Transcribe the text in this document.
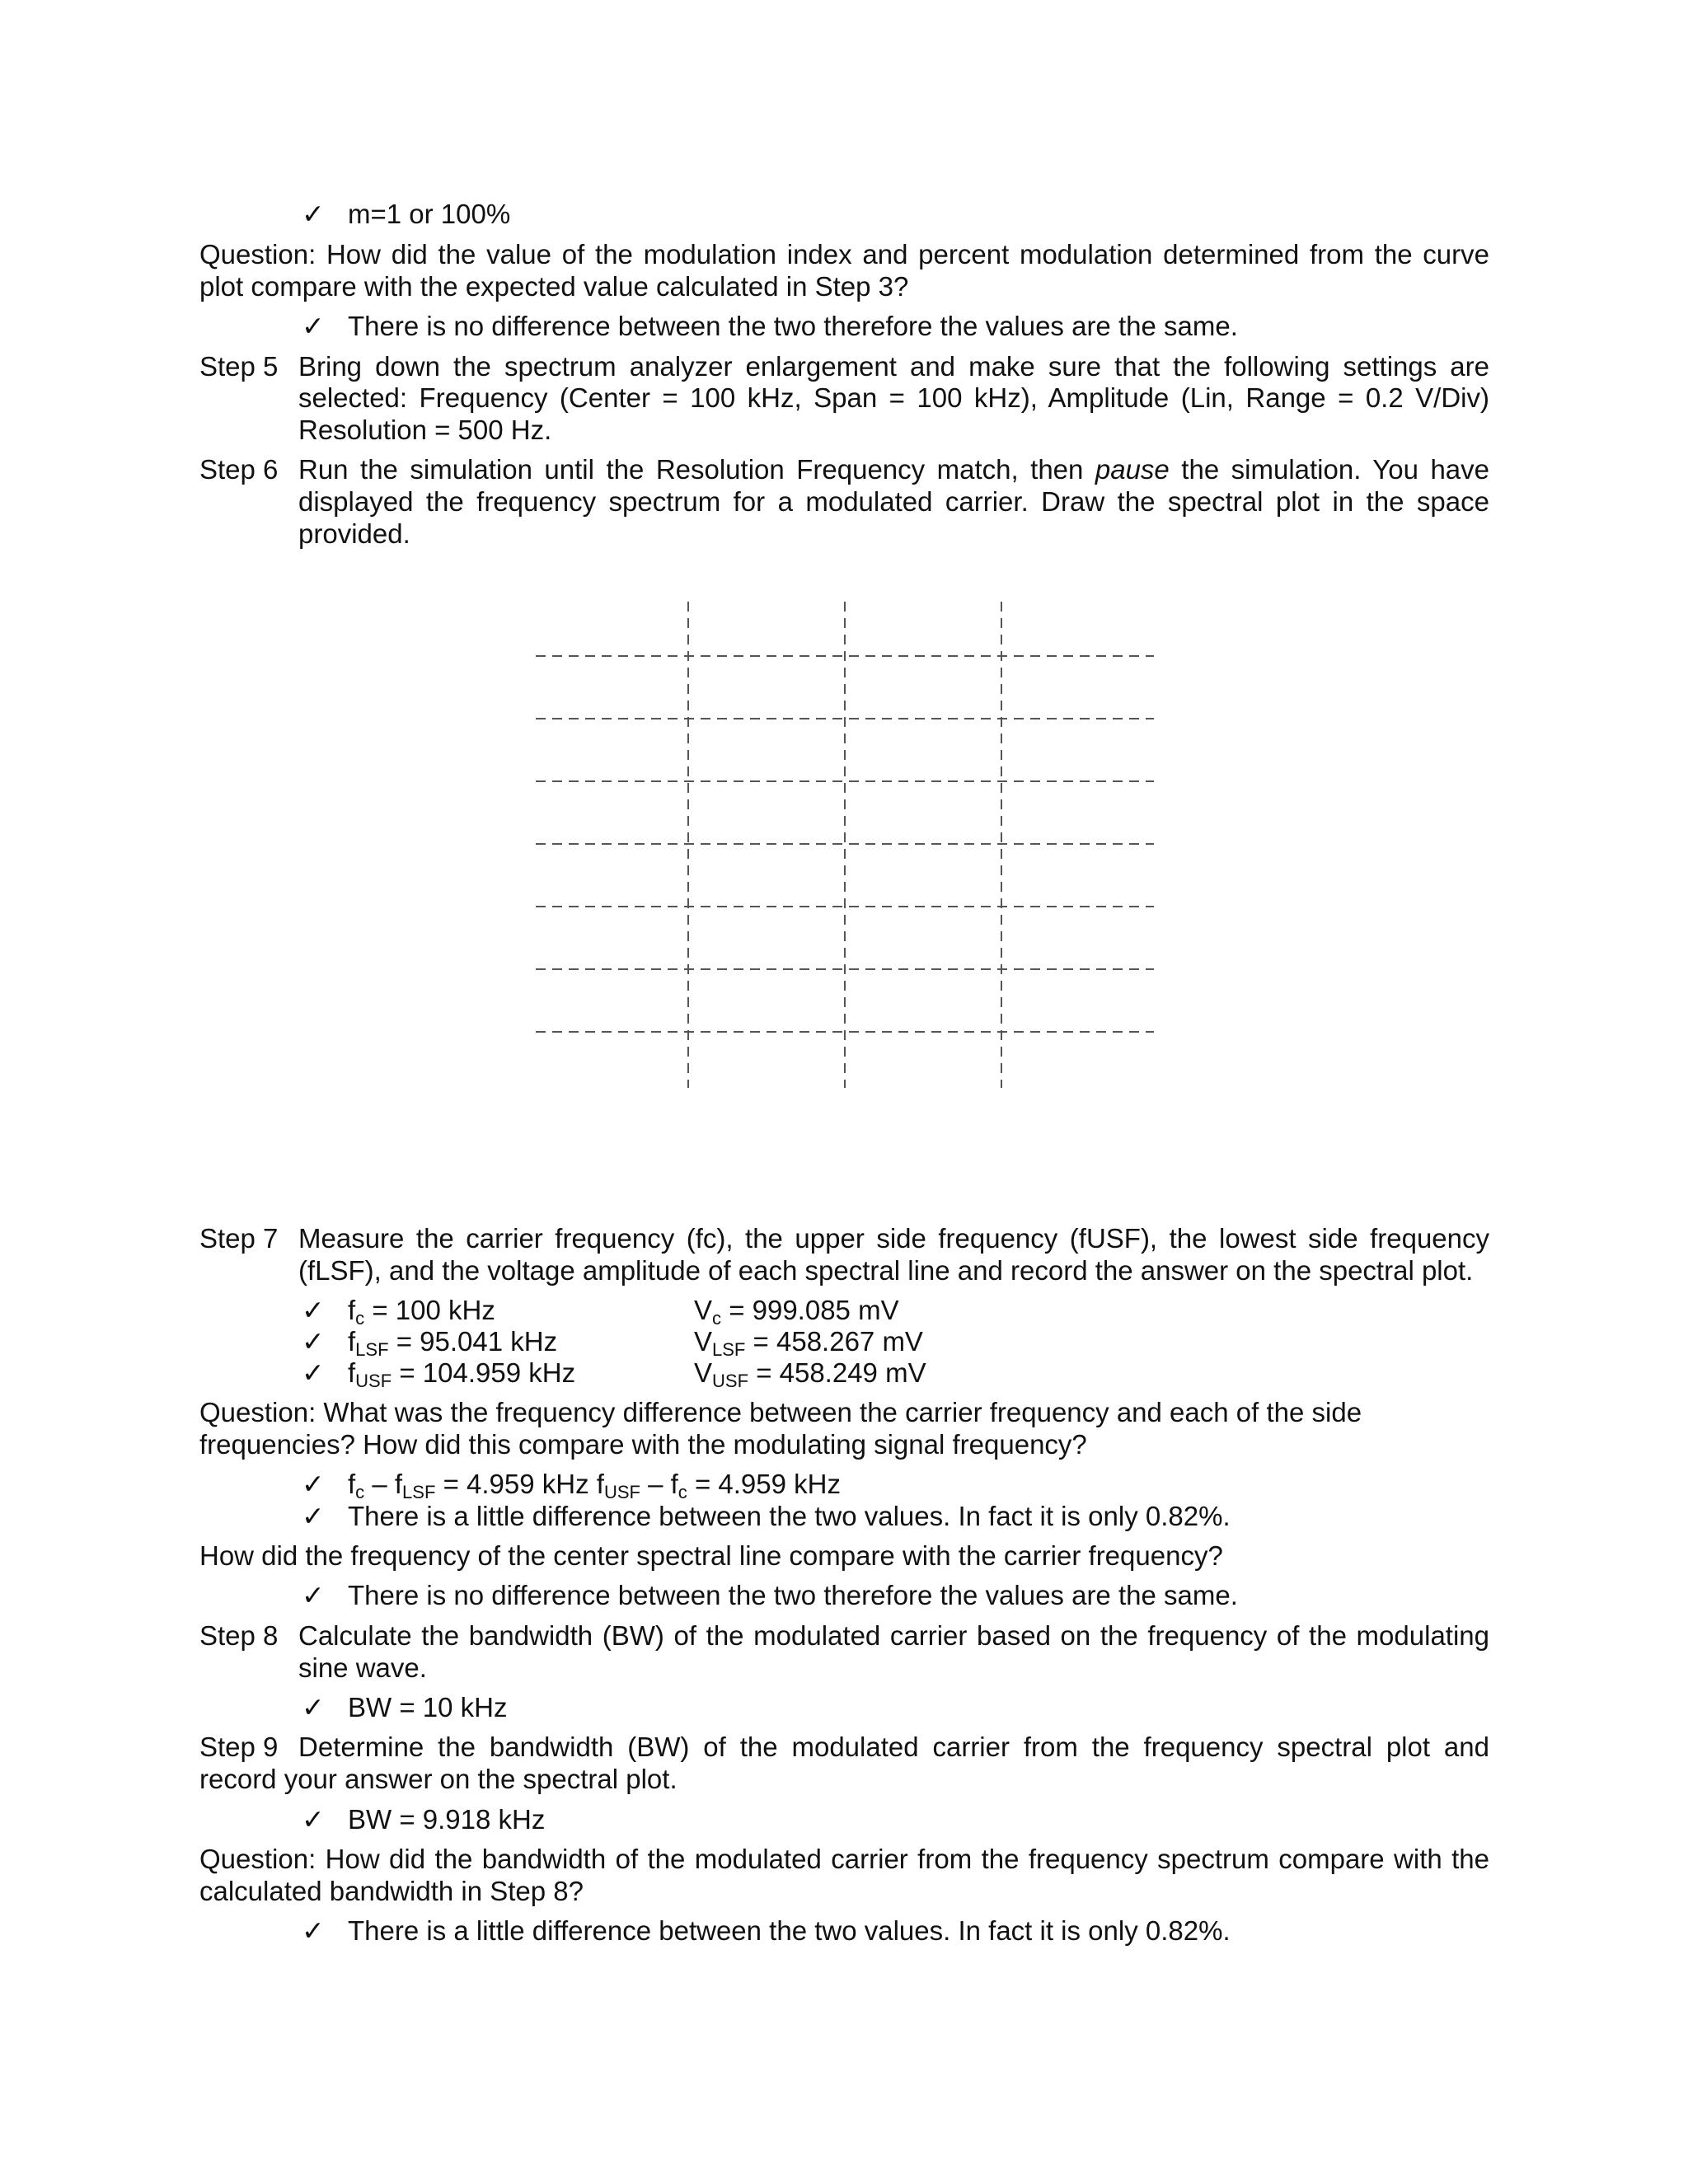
✓ m=1 or 100%
Question: How did the value of the modulation index and percent modulation determined from the curve
plot compare with the expected value calculated in Step 3?
✓ There is no difference between the two therefore the values are the same.
Step 5 Bring down the spectrum analyzer enlargement and make sure that the following settings are
selected: Frequency (Center = 100 kHz, Span = 100 kHz), Amplitude (Lin, Range = 0.2 V/Div)
Resolution = 500 Hz.
Step 6 Run the simulation until the Resolution Frequency match, then pause the simulation. You have
displayed the frequency spectrum for a modulated carrier. Draw the spectral plot in the space
provided.
Step 7 Measure the carrier frequency (fc), the upper side frequency (fUSF), the lowest side frequency
(fLSF), and the voltage amplitude of each spectral line and record the answer on the spectral plot.
✓ $f_c = 100$ kHz	$V_c = 999.085$ mV
✓ $f_{LSF} = 95.041$ kHz	$V_{LSF} = 458.267$ mV
✓ $f_{USF} = 104.959$ kHz	$V_{USF} = 458.249$ mV
Question: What was the frequency difference between the carrier frequency and each of the side
frequencies? How did this compare with the modulating signal frequency?
✓ $f_c - f_{LSF} = 4.959$ kHz $f_{USF} - f_c = 4.959$ kHz
✓ There is a little difference between the two values. In fact it is only 0.82%.
How did the frequency of the center spectral line compare with the carrier frequency?
✓ There is no difference between the two therefore the values are the same.
Step 8 Calculate the bandwidth (BW) of the modulated carrier based on the frequency of the modulating
sine wave.
✓ BW = 10 kHz
Step 9 Determine the bandwidth (BW) of the modulated carrier from the frequency spectral plot and
record your answer on the spectral plot.
✓ BW = 9.918 kHz
Question: How did the bandwidth of the modulated carrier from the frequency spectrum compare with the
calculated bandwidth in Step 8?
✓ There is a little difference between the two values. In fact it is only 0.82%.
